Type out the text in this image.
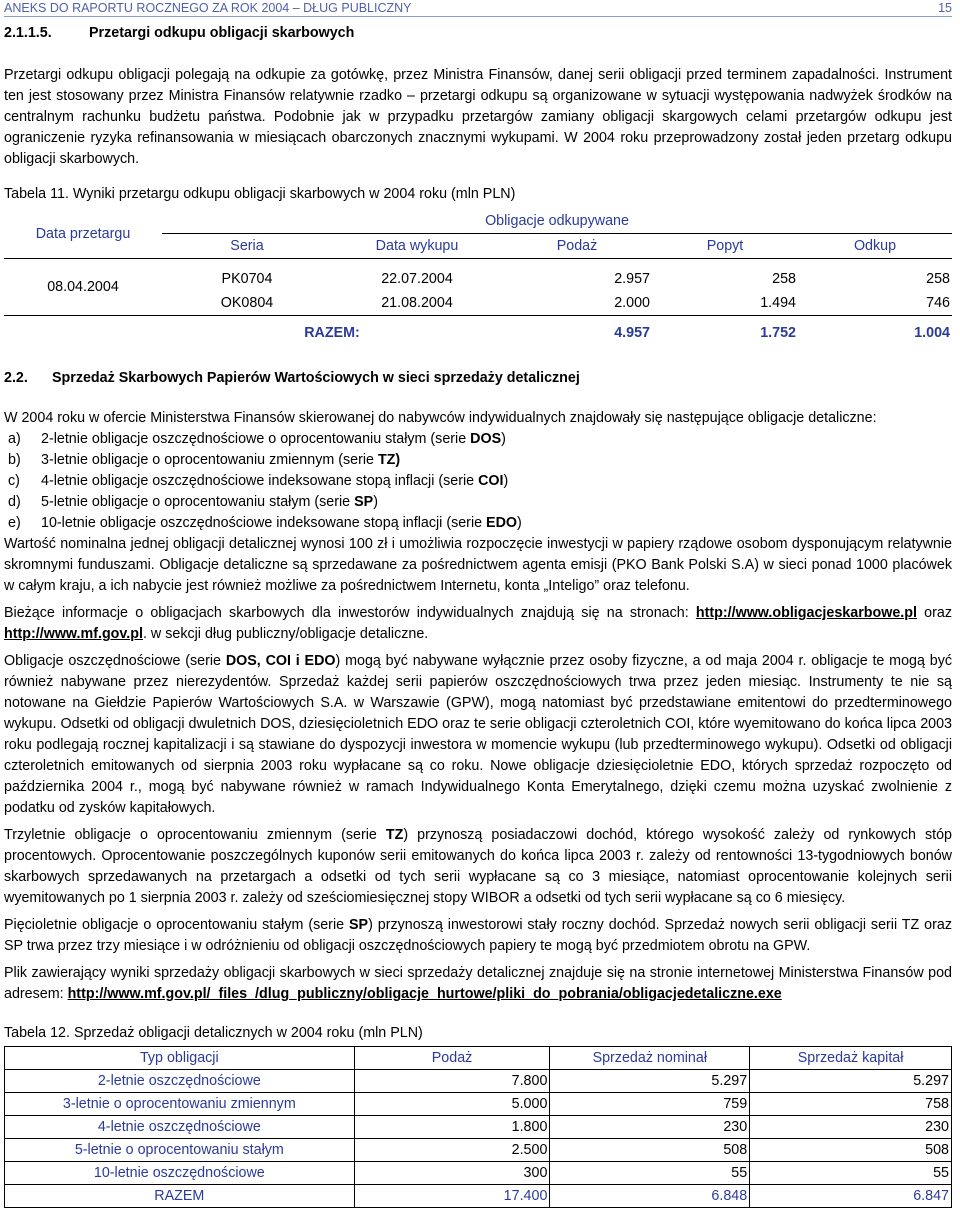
ANEKS DO RAPORTU ROCZNEGO ZA ROK 2004 – DŁUG PUBLICZNY	15
2.1.1.5.	Przetargi odkupu obligacji skarbowych

Przetargi odkupu obligacji polegają na odkupie za gotówkę, przez Ministra Finansów, danej serii obligacji przed terminem zapadalności. Instrument ten jest stosowany przez Ministra Finansów relatywnie rzadko – przetargi odkupu są organizowane w sytuacji występowania nadwyżek środków na centralnym rachunku budżetu państwa. Podobnie jak w przypadku przetargów zamiany obligacji skargowych celami przetargów odkupu jest ograniczenie ryzyka refinansowania w miesiącach obarczonych znacznymi wykupami. W 2004 roku przeprowadzony został jeden przetarg odkupu obligacji skarbowych.

Tabela 11. Wyniki przetargu odkupu obligacji skarbowych w 2004 roku (mln PLN)
Data przetargu	Obligacje odkupywane				
	Seria	Data wykupu	Podaż	Popyt	Odkup
08.04.2004	PK0704	22.07.2004	2.957	258	258
	OK0804	21.08.2004	2.000	1.494	746
	RAZEM:		4.957	1.752	1.004
2.2. Sprzedaż Skarbowych Papierów Wartościowych w sieci sprzedaży detalicznej

W 2004 roku w ofercie Ministerstwa Finansów skierowanej do nabywców indywidualnych znajdowały się następujące obligacje detaliczne:

a)	2-letnie obligacje oszczędnościowe o oprocentowaniu stałym (serie DOS)
b)	3-letnie obligacje o oprocentowaniu zmiennym (serie TZ)
c)	4-letnie obligacje oszczędnościowe indeksowane stopą inflacji (serie COI)
d)	5-letnie obligacje o oprocentowaniu stałym (serie SP)
e)	10-letnie obligacje oszczędnościowe indeksowane stopą inflacji (serie EDO)

Wartość nominalna jednej obligacji detalicznej wynosi 100 zł i umożliwia rozpoczęcie inwestycji w papiery rządowe osobom dysponującym relatywnie skromnymi funduszami. Obligacje detaliczne są sprzedawane za pośrednictwem agenta emisji (PKO Bank Polski S.A) w sieci ponad 1000 placówek w całym kraju, a ich nabycie jest również możliwe za pośrednictwem Internetu, konta „Inteligo” oraz telefonu.

Bieżące informacje o obligacjach skarbowych dla inwestorów indywidualnych znajdują się na stronach: http://www.obligacjeskarbowe.pl oraz http://www.mf.gov.pl. w sekcji dług publiczny/obligacje detaliczne.

Obligacje oszczędnościowe (serie DOS, COI i EDO) mogą być nabywane wyłącznie przez osoby fizyczne, a od maja 2004 r. obligacje te mogą być również nabywane przez nierezydentów. Sprzedaż każdej serii papierów oszczędnościowych trwa przez jeden miesiąc. Instrumenty te nie są notowane na Giełdzie Papierów Wartościowych S.A. w Warszawie (GPW), mogą natomiast być przedstawiane emitentowi do przedterminowego wykupu. Odsetki od obligacji dwuletnich DOS, dziesięcioletnich EDO oraz te serie obligacji czteroletnich COI, które wyemitowano do końca lipca 2003 roku podlegają rocznej kapitalizacji i są stawiane do dyspozycji inwestora w momencie wykupu (lub przedterminowego wykupu). Odsetki od obligacji czteroletnich emitowanych od sierpnia 2003 roku wypłacane są co roku. Nowe obligacje dziesięcioletnie EDO, których sprzedaż rozpoczęto od października 2004 r., mogą być nabywane również w ramach Indywidualnego Konta Emerytalnego, dzięki czemu można uzyskać zwolnienie z podatku od zysków kapitałowych.

Trzyletnie obligacje o oprocentowaniu zmiennym (serie TZ) przynoszą posiadaczowi dochód, którego wysokość zależy od rynkowych stóp procentowych. Oprocentowanie poszczególnych kuponów serii emitowanych do końca lipca 2003 r. zależy od rentowności 13-tygodniowych bonów skarbowych sprzedawanych na przetargach a odsetki od tych serii wypłacane są co 3 miesiące, natomiast oprocentowanie kolejnych serii wyemitowanych po 1 sierpnia 2003 r. zależy od sześciomiesięcznej stopy WIBOR a odsetki od tych serii wypłacane są co 6 miesięcy.

Pięcioletnie obligacje o oprocentowaniu stałym (serie SP) przynoszą inwestorowi stały roczny dochód. Sprzedaż nowych serii obligacji serii TZ oraz SP trwa przez trzy miesiące i w odróżnieniu od obligacji oszczędnościowych papiery te mogą być przedmiotem obrotu na GPW.

Plik zawierający wyniki sprzedaży obligacji skarbowych w sieci sprzedaży detalicznej znajduje się na stronie internetowej Ministerstwa Finansów pod adresem: http://www.mf.gov.pl/_files_/dlug_publiczny/obligacje_hurtowe/pliki_do_pobrania/obligacjedetaliczne.exe

Tabela 12. Sprzedaż obligacji detalicznych w 2004 roku (mln PLN)
Typ obligacji	Podaż	Sprzedaż nominał	Sprzedaż kapitał
2-letnie oszczędnościowe	7.800	5.297	5.297
3-letnie o oprocentowaniu zmiennym	5.000	759	758
4-letnie oszczędnościowe	1.800	230	230
5-letnie o oprocentowaniu stałym	2.500	508	508
10-letnie oszczędnościowe	300	55	55
RAZEM	17.400	6.848	6.847
